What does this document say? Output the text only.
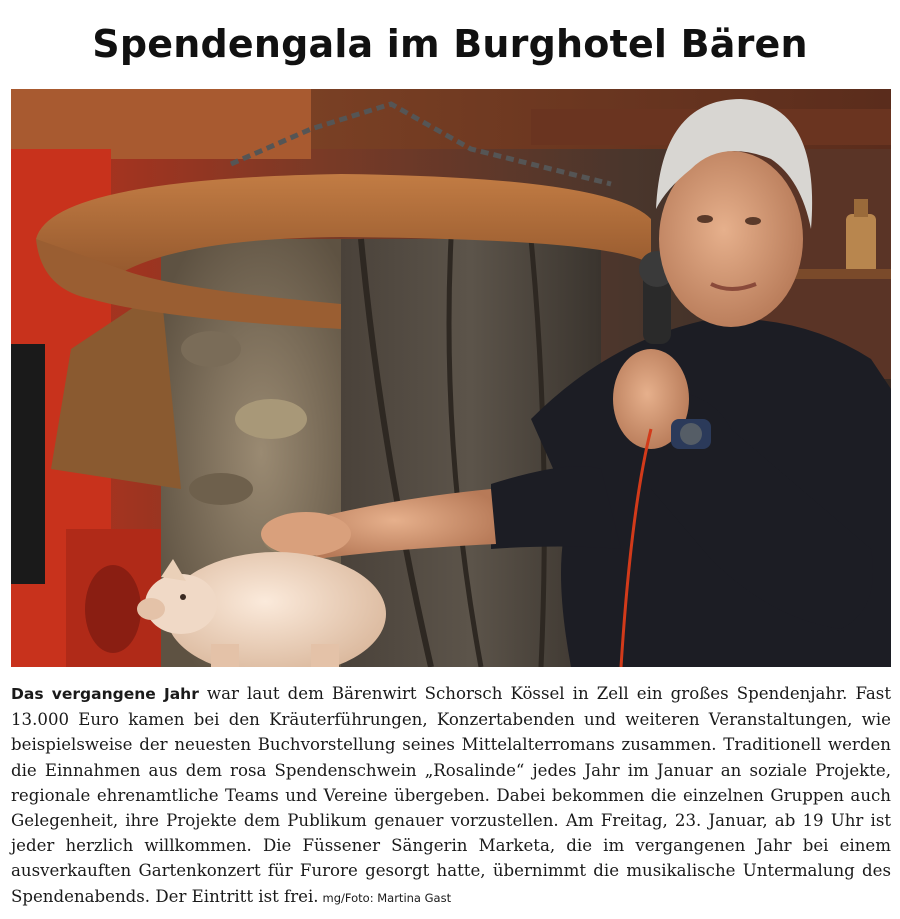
Spendengala im Burghotel Bären

Das vergangene Jahr war laut dem Bärenwirt Schorsch Kössel in Zell ein großes Spendenjahr. Fast 13.000 Euro kamen bei den Kräuterführungen, Konzertabenden und weiteren Veranstaltungen, wie beispielsweise der neuesten Buchvorstellung seines Mittelalterromans zusammen. Traditionell werden die Einnahmen aus dem rosa Spendenschwein „Rosalinde“ jedes Jahr im Januar an soziale Projekte, regionale ehrenamtliche Teams und Vereine übergeben. Dabei bekommen die einzelnen Gruppen auch Gelegenheit, ihre Projekte dem Publikum genauer vorzustellen. Am Freitag, 23. Januar, ab 19 Uhr ist jeder herzlich willkommen. Die Füssener Sängerin Marketa, die im vergangenen Jahr bei einem ausverkauften Gartenkonzert für Furore gesorgt hatte, übernimmt die musikalische Untermalung des Spendenabends. Der Eintritt ist frei. mg/Foto: Martina Gast
